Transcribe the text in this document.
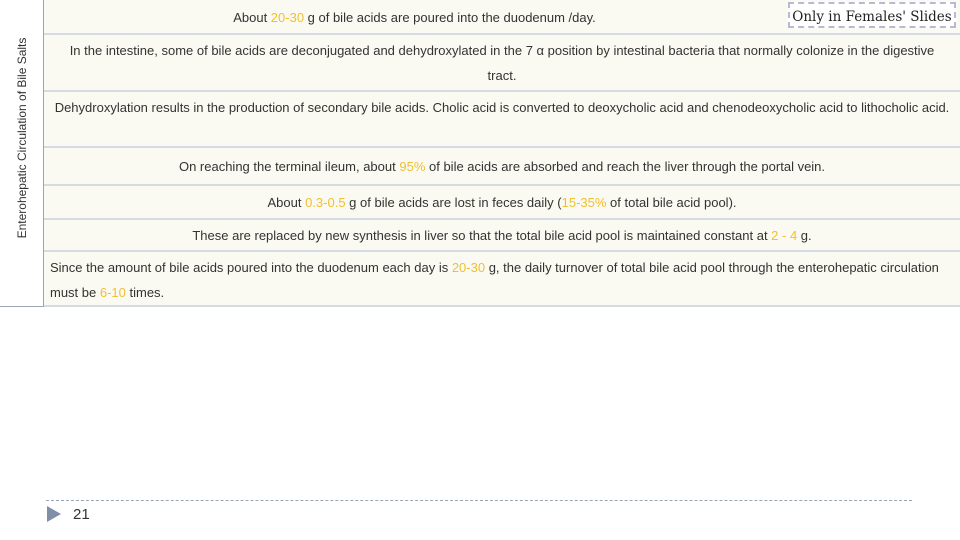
Enterohepatic Circulation of Bile Salts

About 20-30 g of bile acids are poured into the duodenum /day.

In the intestine, some of bile acids are deconjugated and dehydroxylated in the 7 α position by intestinal bacteria that normally colonize in the digestive tract.

Dehydroxylation results in the production of secondary bile acids. Cholic acid is converted to deoxycholic acid and chenodeoxycholic acid to lithocholic acid.

On reaching the terminal ileum, about 95% of bile acids are absorbed and reach the liver through the portal vein.

About 0.3-0.5 g of bile acids are lost in feces daily (15-35% of total bile acid pool).

These are replaced by new synthesis in liver so that the total bile acid pool is maintained constant at 2 - 4 g.

Since the amount of bile acids poured into the duodenum each day is 20-30 g, the daily turnover of total bile acid pool through the enterohepatic circulation must be 6-10 times.

Only in Females' Slides
21
